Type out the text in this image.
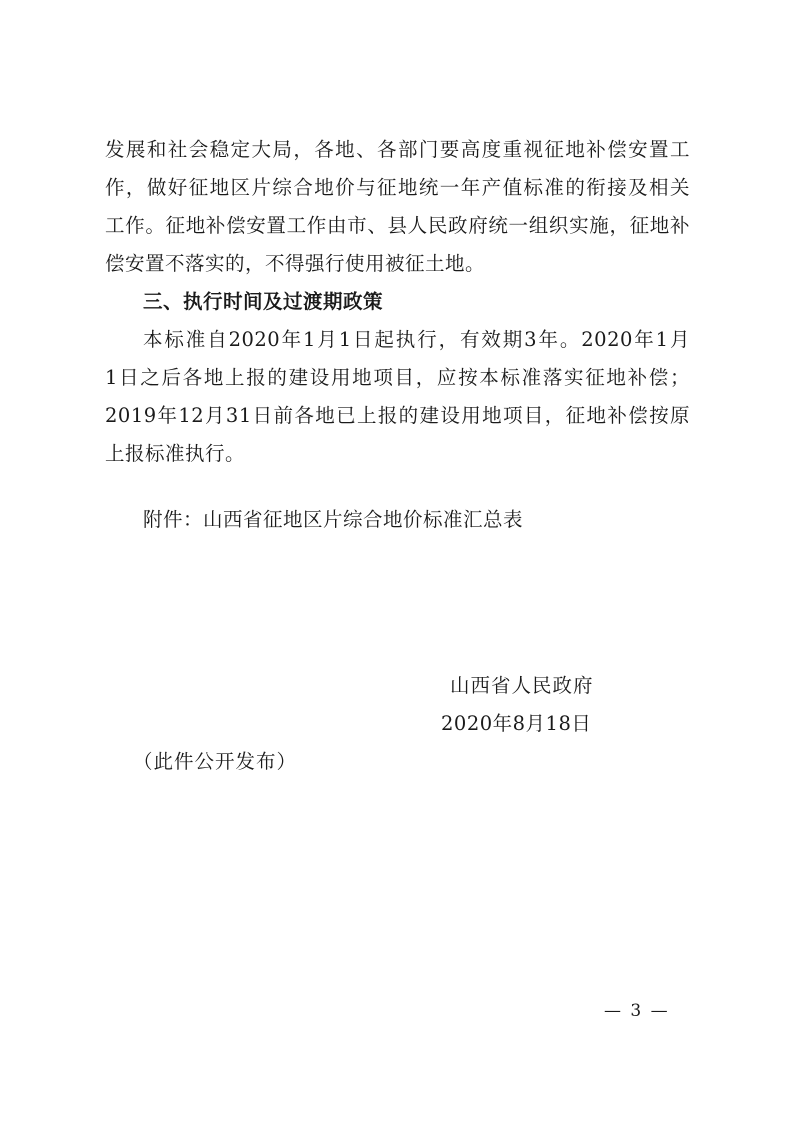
发展和社会稳定大局，各地、各部门要高度重视征地补偿安置工
作，做好征地区片综合地价与征地统一年产值标准的衔接及相关
工作。征地补偿安置工作由市、县人民政府统一组织实施，征地补
偿安置不落实的，不得强行使用被征土地。
三、执行时间及过渡期政策
本标准自2020年1月1日起执行，有效期3年。2020年1月
1日之后各地上报的建设用地项目，应按本标准落实征地补偿；
2019年12月31日前各地已上报的建设用地项目，征地补偿按原
上报标准执行。
附件：山西省征地区片综合地价标准汇总表
山西省人民政府
2020年8月18日
（此件公开发布）
— 3 —
